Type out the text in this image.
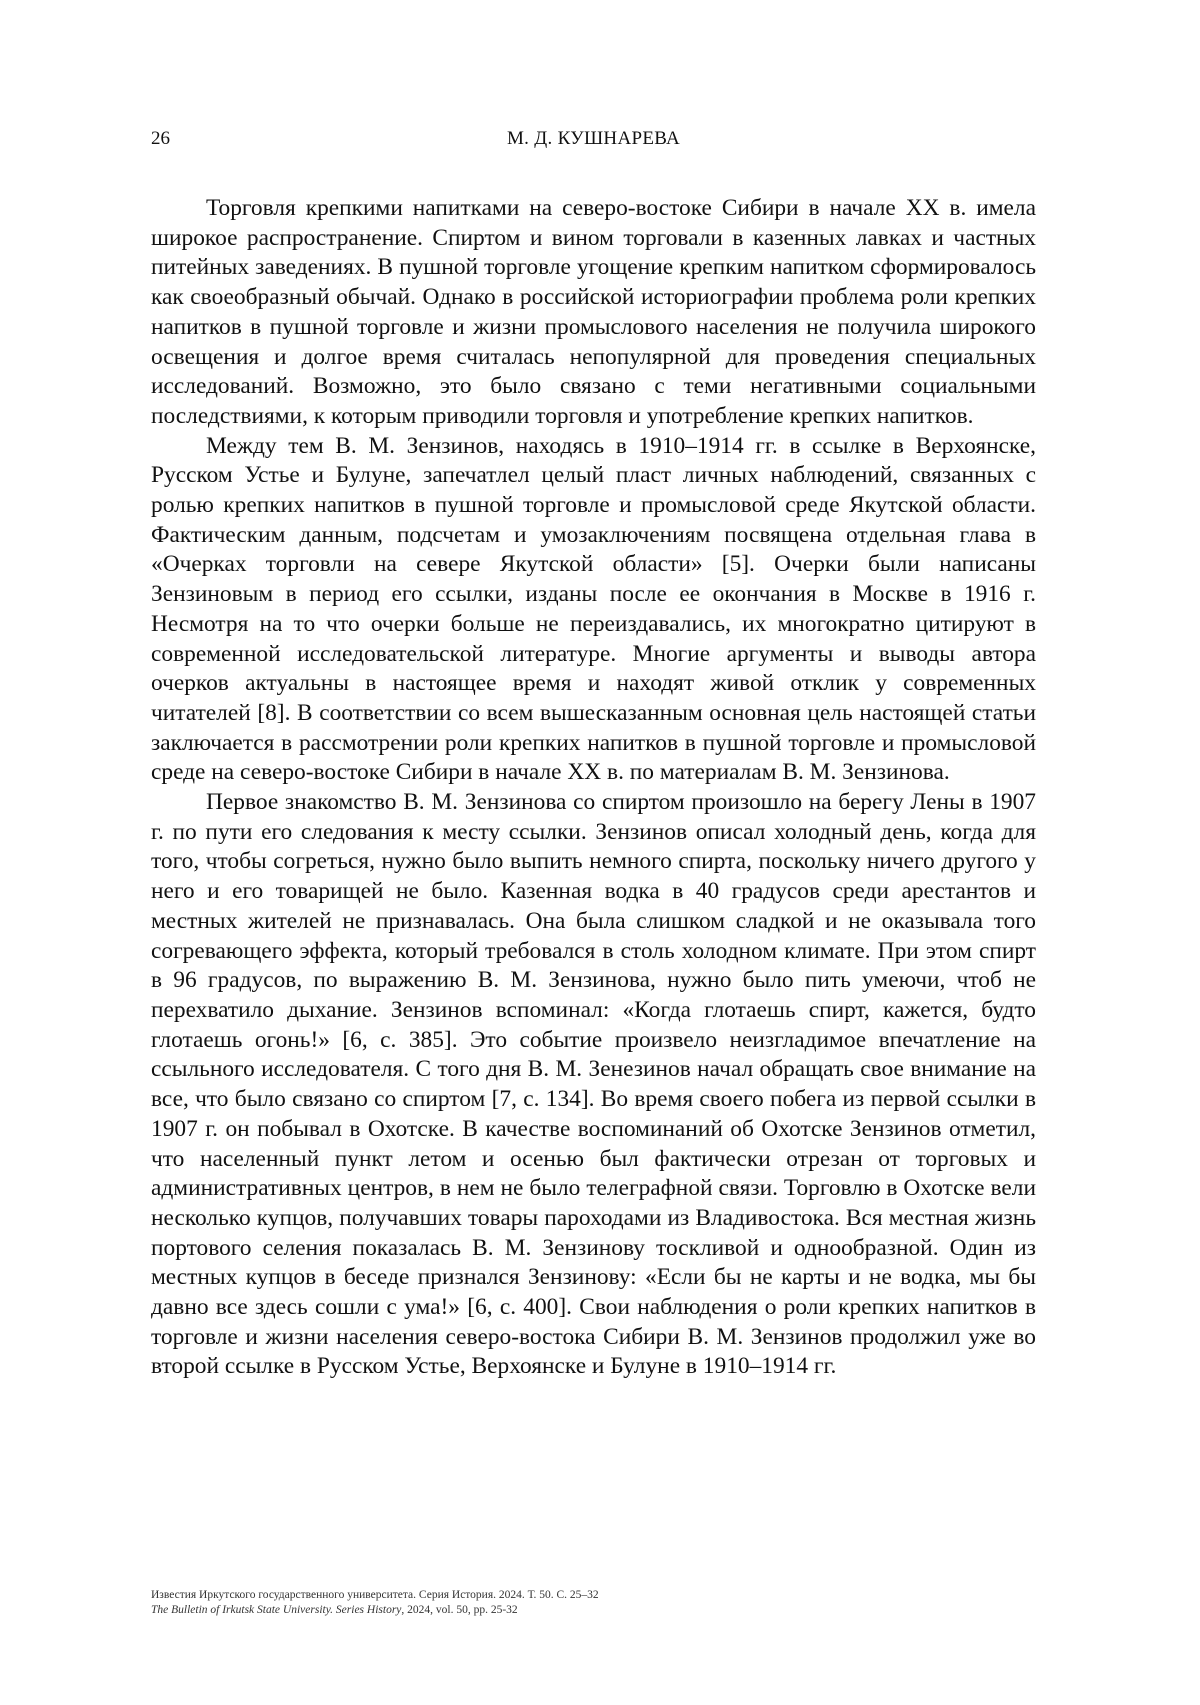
26	М. Д. КУШНАРЕВА

Торговля крепкими напитками на северо-востоке Сибири в начале ХХ в. имела широкое распространение. Спиртом и вином торговали в казенных лавках и частных питейных заведениях. В пушной торговле угощение крепким напитком сформировалось как своеобразный обычай. Однако в российской историографии проблема роли крепких напитков в пушной торговле и жизни промыслового населения не получила широкого освещения и долгое время считалась непопулярной для проведения специальных исследований. Возможно, это было связано с теми негативными социальными последствиями, к которым приводили торговля и употребление крепких напитков.

Между тем В. М. Зензинов, находясь в 1910–1914 гг. в ссылке в Верхоянске, Русском Устье и Булуне, запечатлел целый пласт личных наблюдений, связанных с ролью крепких напитков в пушной торговле и промысловой среде Якутской области. Фактическим данным, подсчетам и умозаключениям посвящена отдельная глава в «Очерках торговли на севере Якутской области» [5]. Очерки были написаны Зензиновым в период его ссылки, изданы после ее окончания в Москве в 1916 г. Несмотря на то что очерки больше не переиздавались, их многократно цитируют в современной исследовательской литературе. Многие аргументы и выводы автора очерков актуальны в настоящее время и находят живой отклик у современных читателей [8]. В соответствии со всем вышесказанным основная цель настоящей статьи заключается в рассмотрении роли крепких напитков в пушной торговле и промысловой среде на северо-востоке Сибири в начале ХХ в. по материалам В. М. Зензинова.

Первое знакомство В. М. Зензинова со спиртом произошло на берегу Лены в 1907 г. по пути его следования к месту ссылки. Зензинов описал холодный день, когда для того, чтобы согреться, нужно было выпить немного спирта, поскольку ничего другого у него и его товарищей не было. Казенная водка в 40 градусов среди арестантов и местных жителей не признавалась. Она была слишком сладкой и не оказывала того согревающего эффекта, который требовался в столь холодном климате. При этом спирт в 96 градусов, по выражению В. М. Зензинова, нужно было пить умеючи, чтоб не перехватило дыхание. Зензинов вспоминал: «Когда глотаешь спирт, кажется, будто глотаешь огонь!» [6, с. 385]. Это событие произвело неизгладимое впечатление на ссыльного исследователя. С того дня В. М. Зенезинов начал обращать свое внимание на все, что было связано со спиртом [7, с. 134]. Во время своего побега из первой ссылки в 1907 г. он побывал в Охотске. В качестве воспоминаний об Охотске Зензинов отметил, что населенный пункт летом и осенью был фактически отрезан от торговых и административных центров, в нем не было телеграфной связи. Торговлю в Охотске вели несколько купцов, получавших товары пароходами из Владивостока. Вся местная жизнь портового селения показалась В. М. Зензинову тоскливой и однообразной. Один из местных купцов в беседе признался Зензинову: «Если бы не карты и не водка, мы бы давно все здесь сошли с ума!» [6, с. 400]. Свои наблюдения о роли крепких напитков в торговле и жизни населения северо-востока Сибири В. М. Зензинов продолжил уже во второй ссылке в Русском Устье, Верхоянске и Булуне в 1910–1914 гг.

Известия Иркутского государственного университета. Серия История. 2024. Т. 50. С. 25–32
The Bulletin of Irkutsk State University. Series History, 2024, vol. 50, pp. 25-32
